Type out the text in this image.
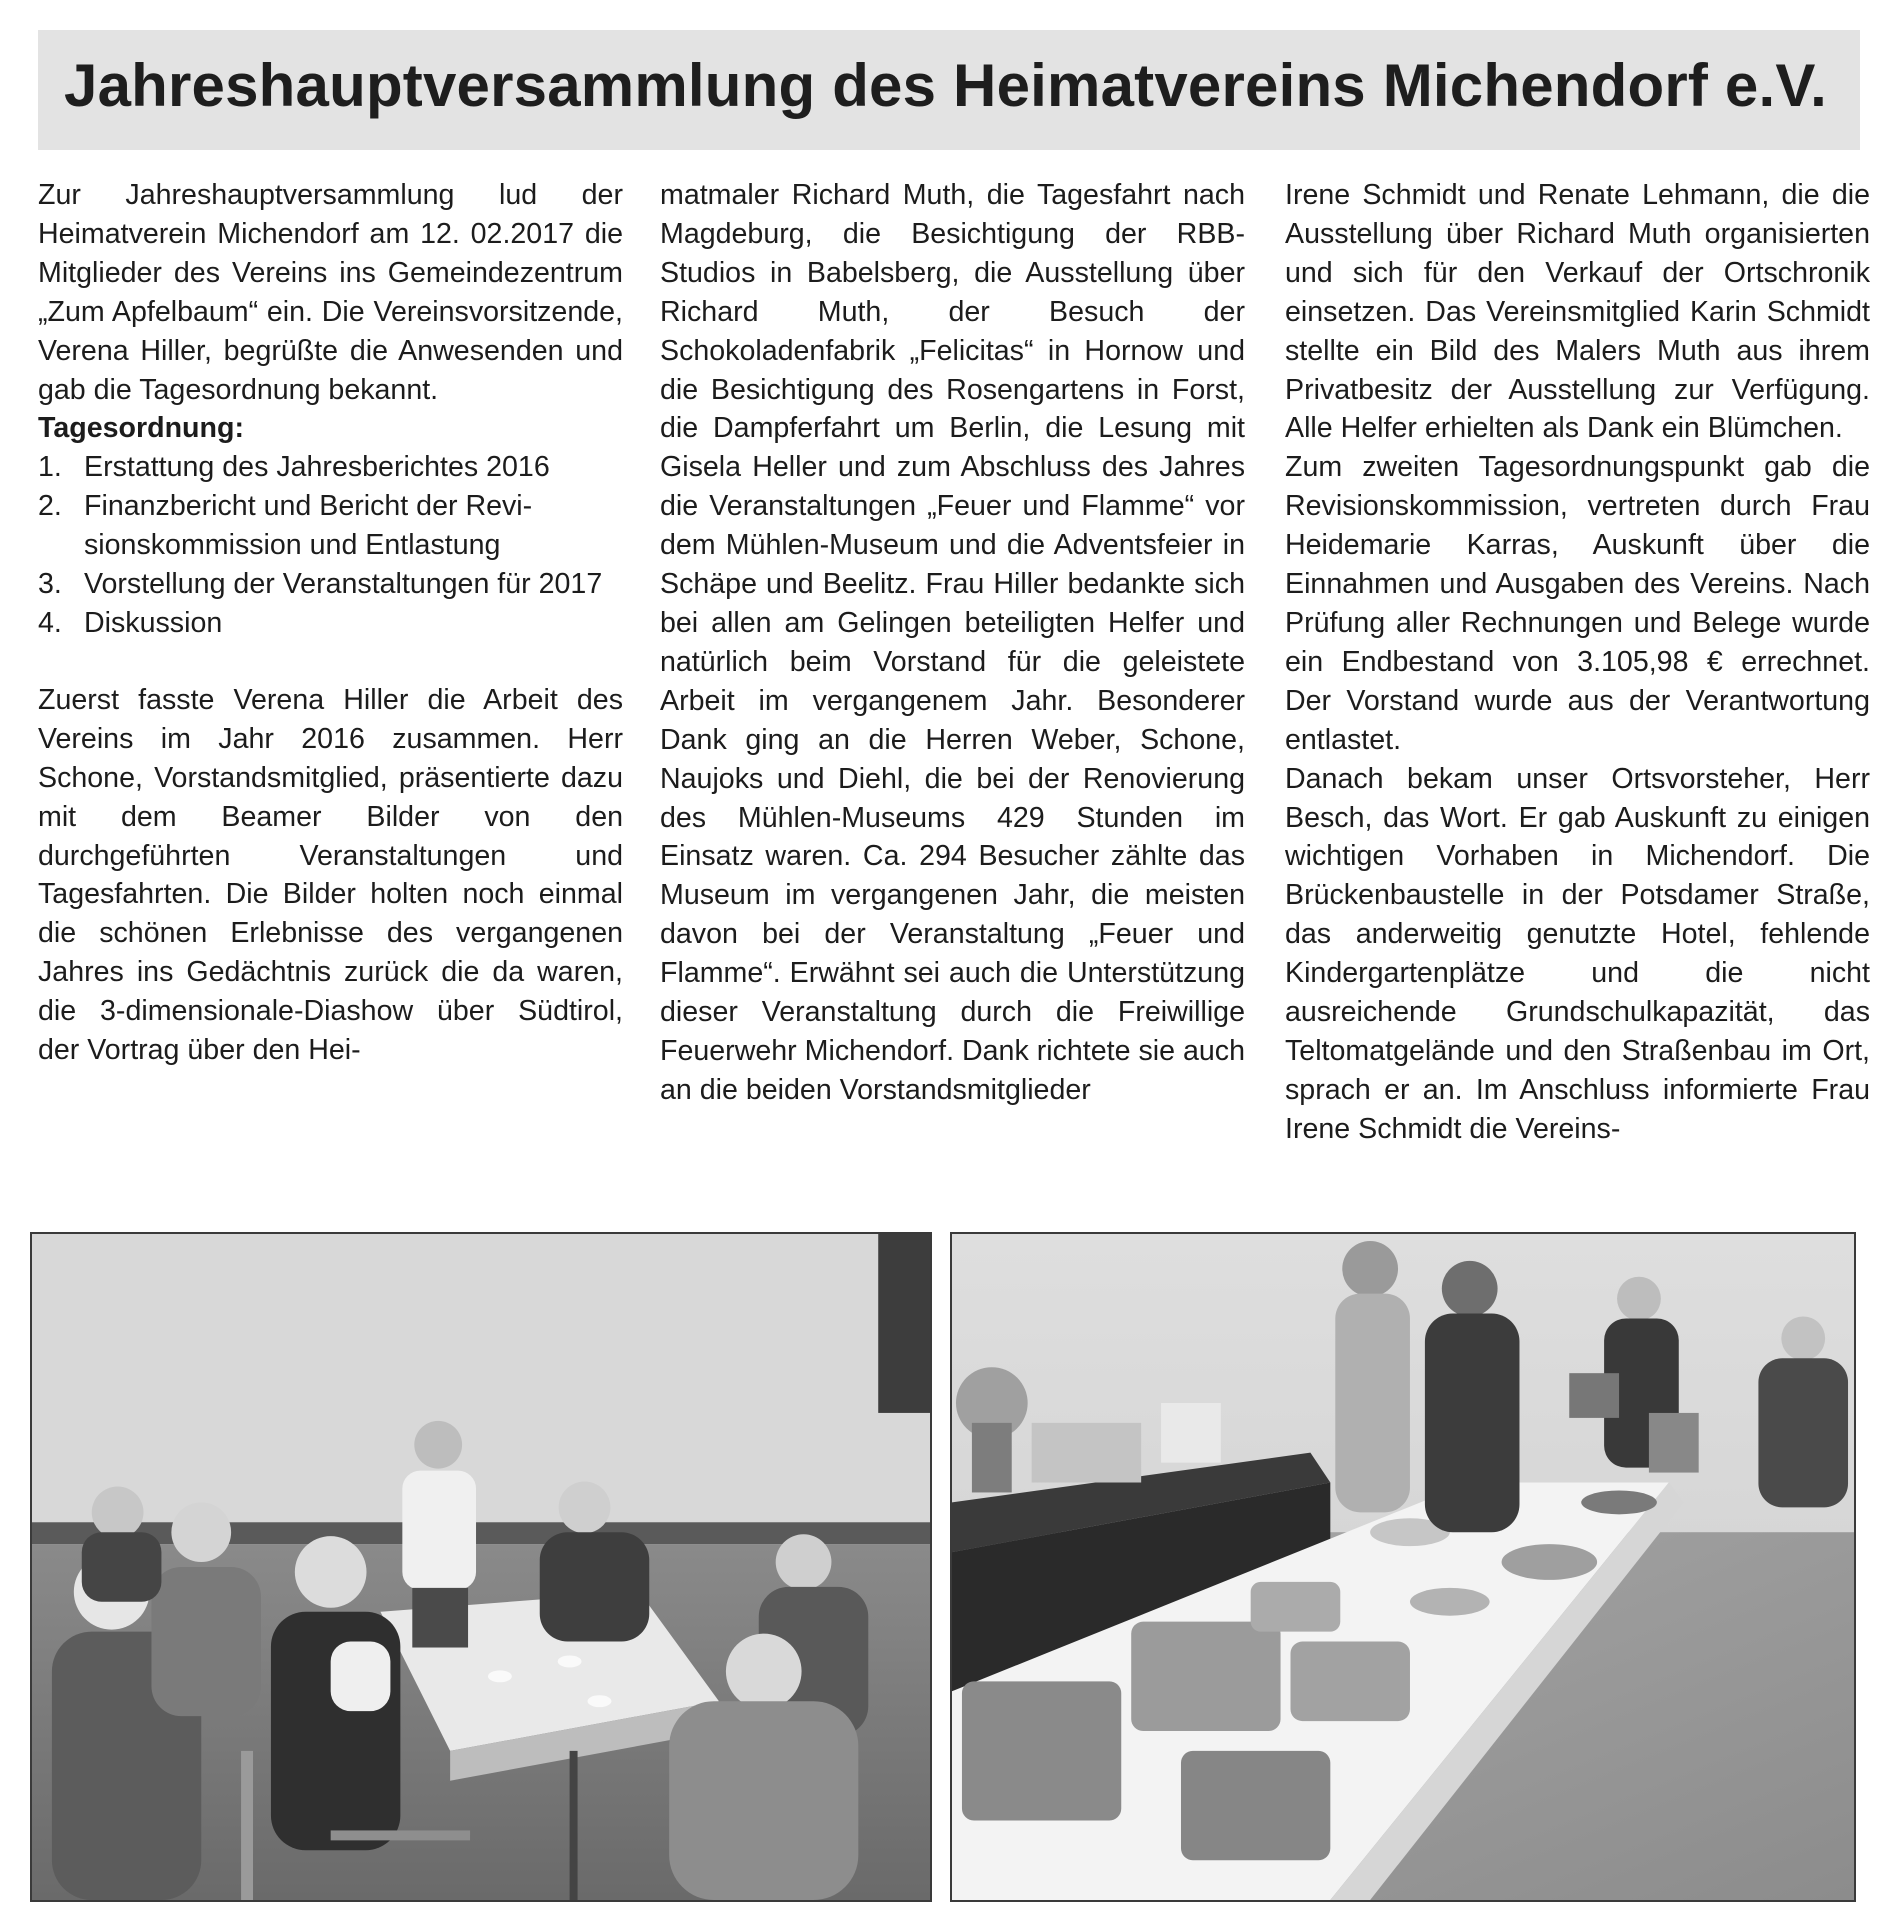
Jahreshauptversammlung des Heimatvereins Michendorf e.V.

Zur Jahreshauptversammlung lud der Heimatverein Michendorf am 12. 02.2017 die Mitglieder des Vereins ins Gemeindezentrum „Zum Apfelbaum“ ein. Die Vereinsvorsitzende, Verena Hiller, begrüßte die Anwesenden und gab die Tagesordnung bekannt.

Tagesordnung:

1. Erstattung des Jahresberichtes 2016
2. Finanzbericht und Bericht der Revisionskommission und Entlastung
3. Vorstellung der Veranstaltungen für 2017
4. Diskussion

Zuerst fasste Verena Hiller die Arbeit des Vereins im Jahr 2016 zusammen. Herr Schone, Vorstandsmitglied, präsentierte dazu mit dem Beamer Bilder von den durchgeführten Veranstaltungen und Tagesfahrten. Die Bilder holten noch einmal die schönen Erlebnisse des vergangenen Jahres ins Gedächtnis zurück die da waren, die 3-dimensionale-Diashow über Südtirol, der Vortrag über den Hei-

matmaler Richard Muth, die Tagesfahrt nach Magdeburg, die Besichtigung der RBB-Studios in Babelsberg, die Ausstellung über Richard Muth, der Besuch der Schokoladenfabrik „Felicitas“ in Hornow und die Besichtigung des Rosengartens in Forst, die Dampferfahrt um Berlin, die Lesung mit Gisela Heller und zum Abschluss des Jahres die Veranstaltungen „Feuer und Flamme“ vor dem Mühlen-Museum und die Adventsfeier in Schäpe und Beelitz. Frau Hiller bedankte sich bei allen am Gelingen beteiligten Helfer und natürlich beim Vorstand für die geleistete Arbeit im vergangenem Jahr. Besonderer Dank ging an die Herren Weber, Schone, Naujoks und Diehl, die bei der Renovierung des Mühlen-Museums 429 Stunden im Einsatz waren. Ca. 294 Besucher zählte das Museum im vergangenen Jahr, die meisten davon bei der Veranstaltung „Feuer und Flamme“. Erwähnt sei auch die Unterstützung dieser Veranstaltung durch die Freiwillige Feuerwehr Michendorf. Dank richtete sie auch an die beiden Vorstandsmitglieder

Irene Schmidt und Renate Lehmann, die die Ausstellung über Richard Muth organisierten und sich für den Verkauf der Ortschronik einsetzen. Das Vereinsmitglied Karin Schmidt stellte ein Bild des Malers Muth aus ihrem Privatbesitz der Ausstellung zur Verfügung. Alle Helfer erhielten als Dank ein Blümchen.

Zum zweiten Tagesordnungspunkt gab die Revisionskommission, vertreten durch Frau Heidemarie Karras, Auskunft über die Einnahmen und Ausgaben des Vereins. Nach Prüfung aller Rechnungen und Belege wurde ein Endbestand von 3.105,98 € errechnet. Der Vorstand wurde aus der Verantwortung entlastet.

Danach bekam unser Ortsvorsteher, Herr Besch, das Wort. Er gab Auskunft zu einigen wichtigen Vorhaben in Michendorf. Die Brückenbaustelle in der Potsdamer Straße, das anderweitig genutzte Hotel, fehlende Kindergartenplätze und die nicht ausreichende Grundschulkapazität, das Teltomatgelände und den Straßenbau im Ort, sprach er an. Im Anschluss informierte Frau Irene Schmidt die Vereins-
